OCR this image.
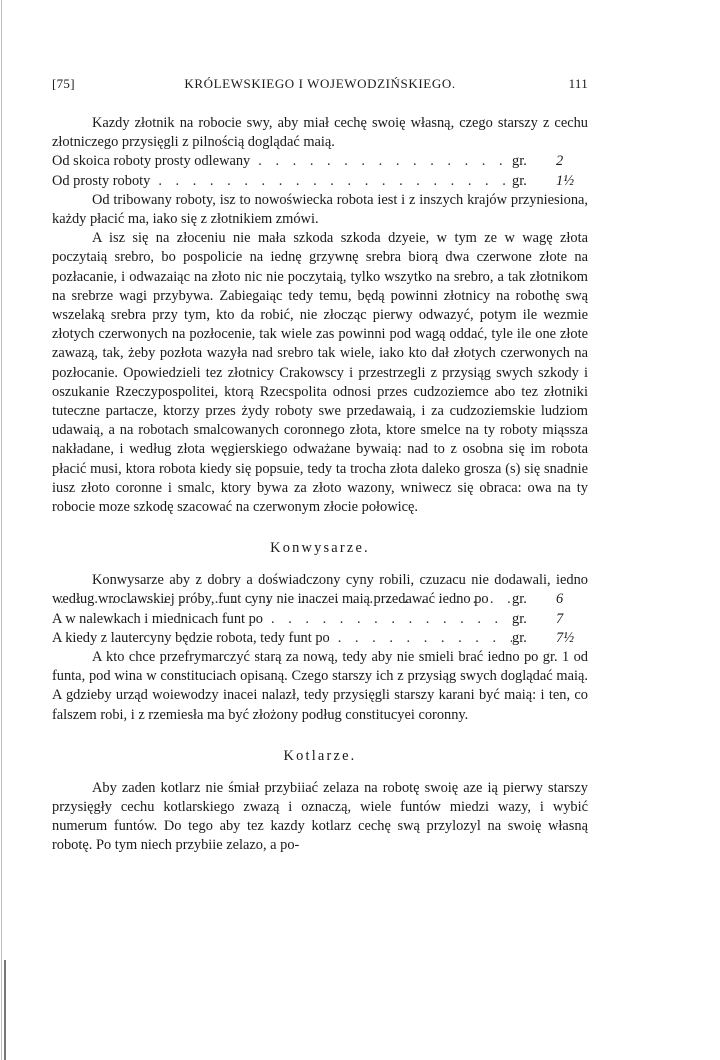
[75]	KRÓLEWSKIEGO I WOJEWODZIŃSKIEGO.	111

Kazdy złotnik na robocie swy, aby miał cechę swoię własną, czego starszy z cechu złotniczego przysięgli z pilnością doglądać maią.

Od skoica roboty prosty odlewany . . .	gr.	2
Od prosty roboty . . .	gr.	1½

Od tribowany roboty, isz to nowoświecka robota iest i z inszych krajów przyniesiona, każdy płacić ma, iako się z złotnikiem zmówi.

A isz się na złoceniu nie mała szkoda szkoda dzyeie, w tym ze w wagę złota poczytaią srebro, bo pospolicie na iednę grzywnę srebra biorą dwa czerwone złote na pozłacanie, i odwazaiąc na złoto nic nie poczytaią, tylko wszytko na srebro, a tak złotnikom na srebrze wagi przybywa. Zabiegaiąc tedy temu, będą powinni złotnicy na robothę swą wszelaką srebra przy tym, kto da robić, nie złocząc pierwy odwazyć, potym ile wezmie złotych czerwonych na pozłocenie, tak wiele zas powinni pod wagą oddać, tyle ile one złote zawazą, tak, żeby pozłota wazyła nad srebro tak wiele, iako kto dał złotych czerwonych na pozłocanie. Opowiedzieli tez złotnicy Crakowscy i przestrzegli z przysiąg swych szkody i oszukanie Rzeczypospolitei, ktorą Rzecspolita odnosi przes cudzoziemce abo tez złotniki tuteczne partacze, ktorzy przes żydy roboty swe przedawaią, i za cudzoziemskie ludziom udawaią, a na robotach smalcowanych coronnego złota, ktore smelce na ty roboty miąssza nakładane, i według złota węgierskiego odważane bywaią: nad to z osobna się im robota płacić musi, ktora robota kiedy się popsuie, tedy ta trocha złota daleko grosza (s) się snadnie iusz złoto coronne i smalc, ktory bywa za złoto wazony, wniwecz się obraca: owa na ty robocie moze szkodę szacować na czerwonym złocie połowicę.

Konwysarze.

Konwysarze aby z dobry a doświadczony cyny robili, czuzacu nie dodawali, iedno według wroclawskiej próby, funt cyny nie inaczei maią przedawać iedno po . . .	gr.	6
A w nalewkach i miednicach funt po . . .	gr.	7
A kiedy z lautercyny będzie robota, tedy funt po . . .	gr.	7½

A kto chce przefrymarczyć starą za nową, tedy aby nie smieli brać iedno po gr. 1 od funta, pod wina w constituciach opisaną. Czego starszy ich z przysiąg swych doglądać maią. A gdzieby urząd woiewodzy inacei nalazł, tedy przysięgli starszy karani być maią: i ten, co falszem robi, i z rzemiesła ma być złożony podług constitucyei coronny.

Kotlarze.

Aby zaden kotlarz nie śmiał przybiiać zelaza na robotę swoię aze ią pierwy starszy przysięgły cechu kotlarskiego zwazą i oznaczą, wiele funtów miedzi wazy, i wybić numerum funtów. Do tego aby tez kazdy kotlarz cechę swą przylozyl na swoię własną robotę. Po tym niech przybiie zelazo, a po-
